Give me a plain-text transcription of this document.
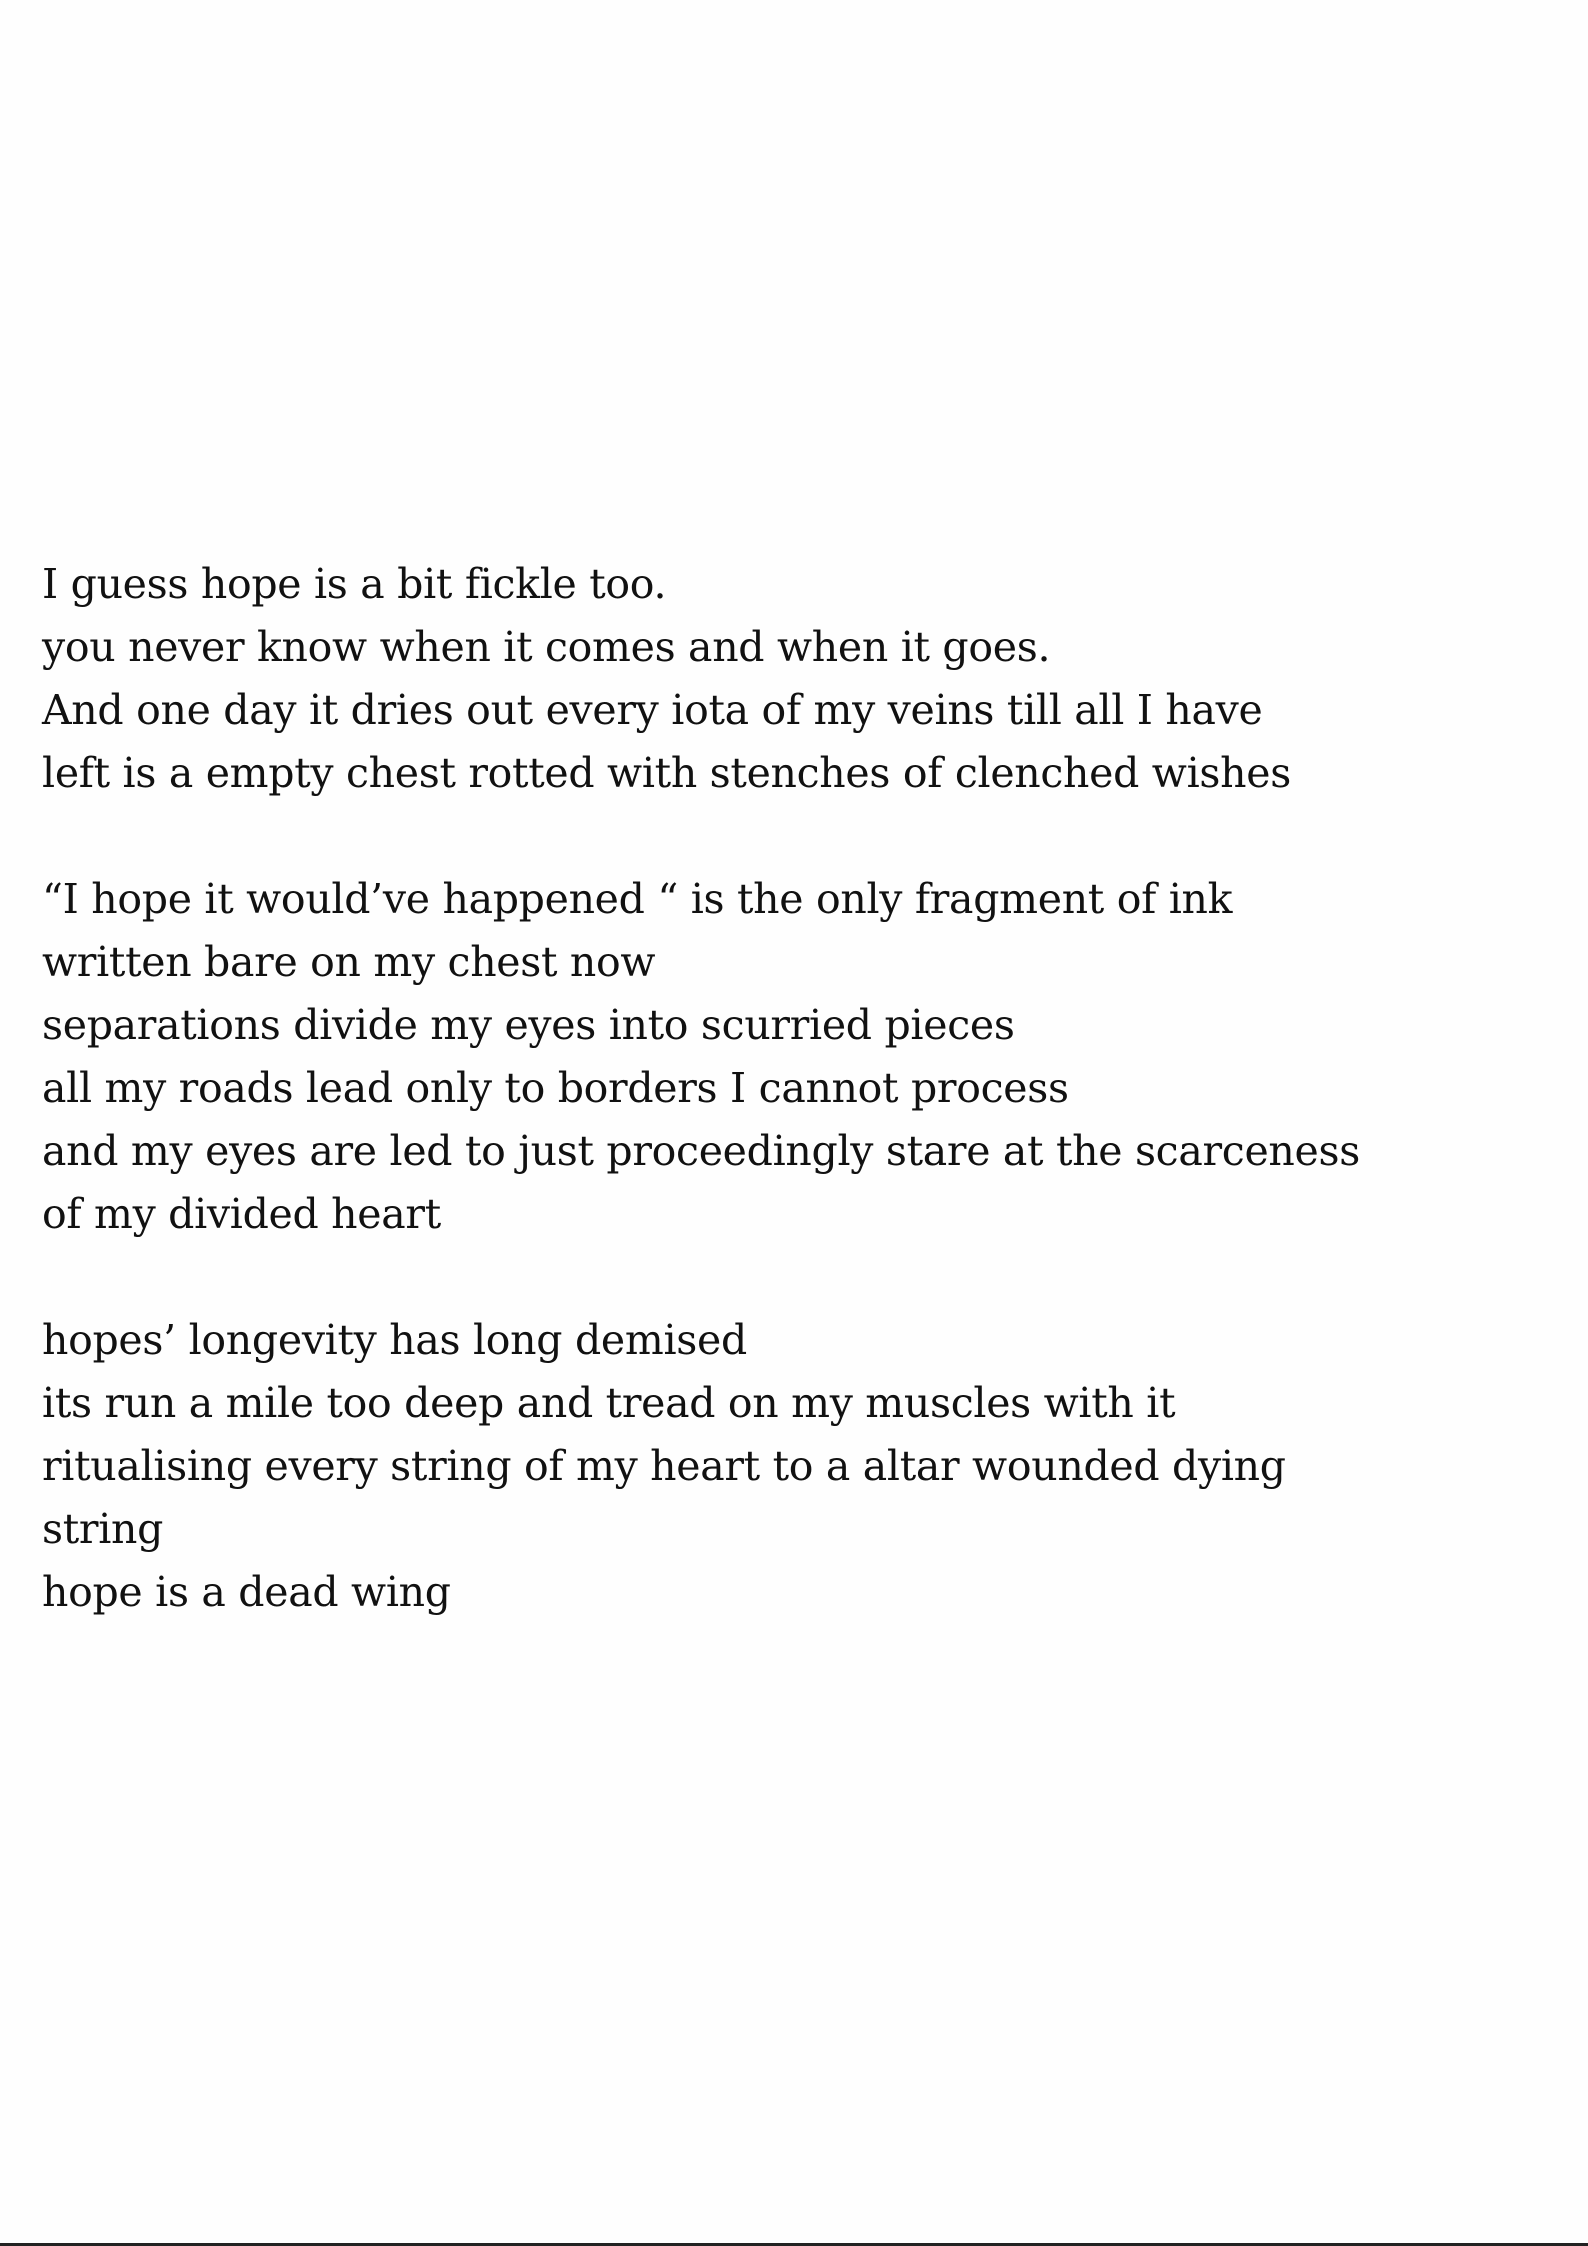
I guess hope is a bit fickle too.
you never know when it comes and when it goes.
And one day it dries out every iota of my veins till all I have
left is a empty chest rotted with stenches of clenched wishes
“I hope it would’ve happened “ is the only fragment of ink
written bare on my chest now
separations divide my eyes into scurried pieces
all my roads lead only to borders I cannot process
and my eyes are led to just proceedingly stare at the scarceness
of my divided heart
hopes’ longevity has long demised
its run a mile too deep and tread on my muscles with it
ritualising every string of my heart to a altar wounded dying
string
hope is a dead wing
